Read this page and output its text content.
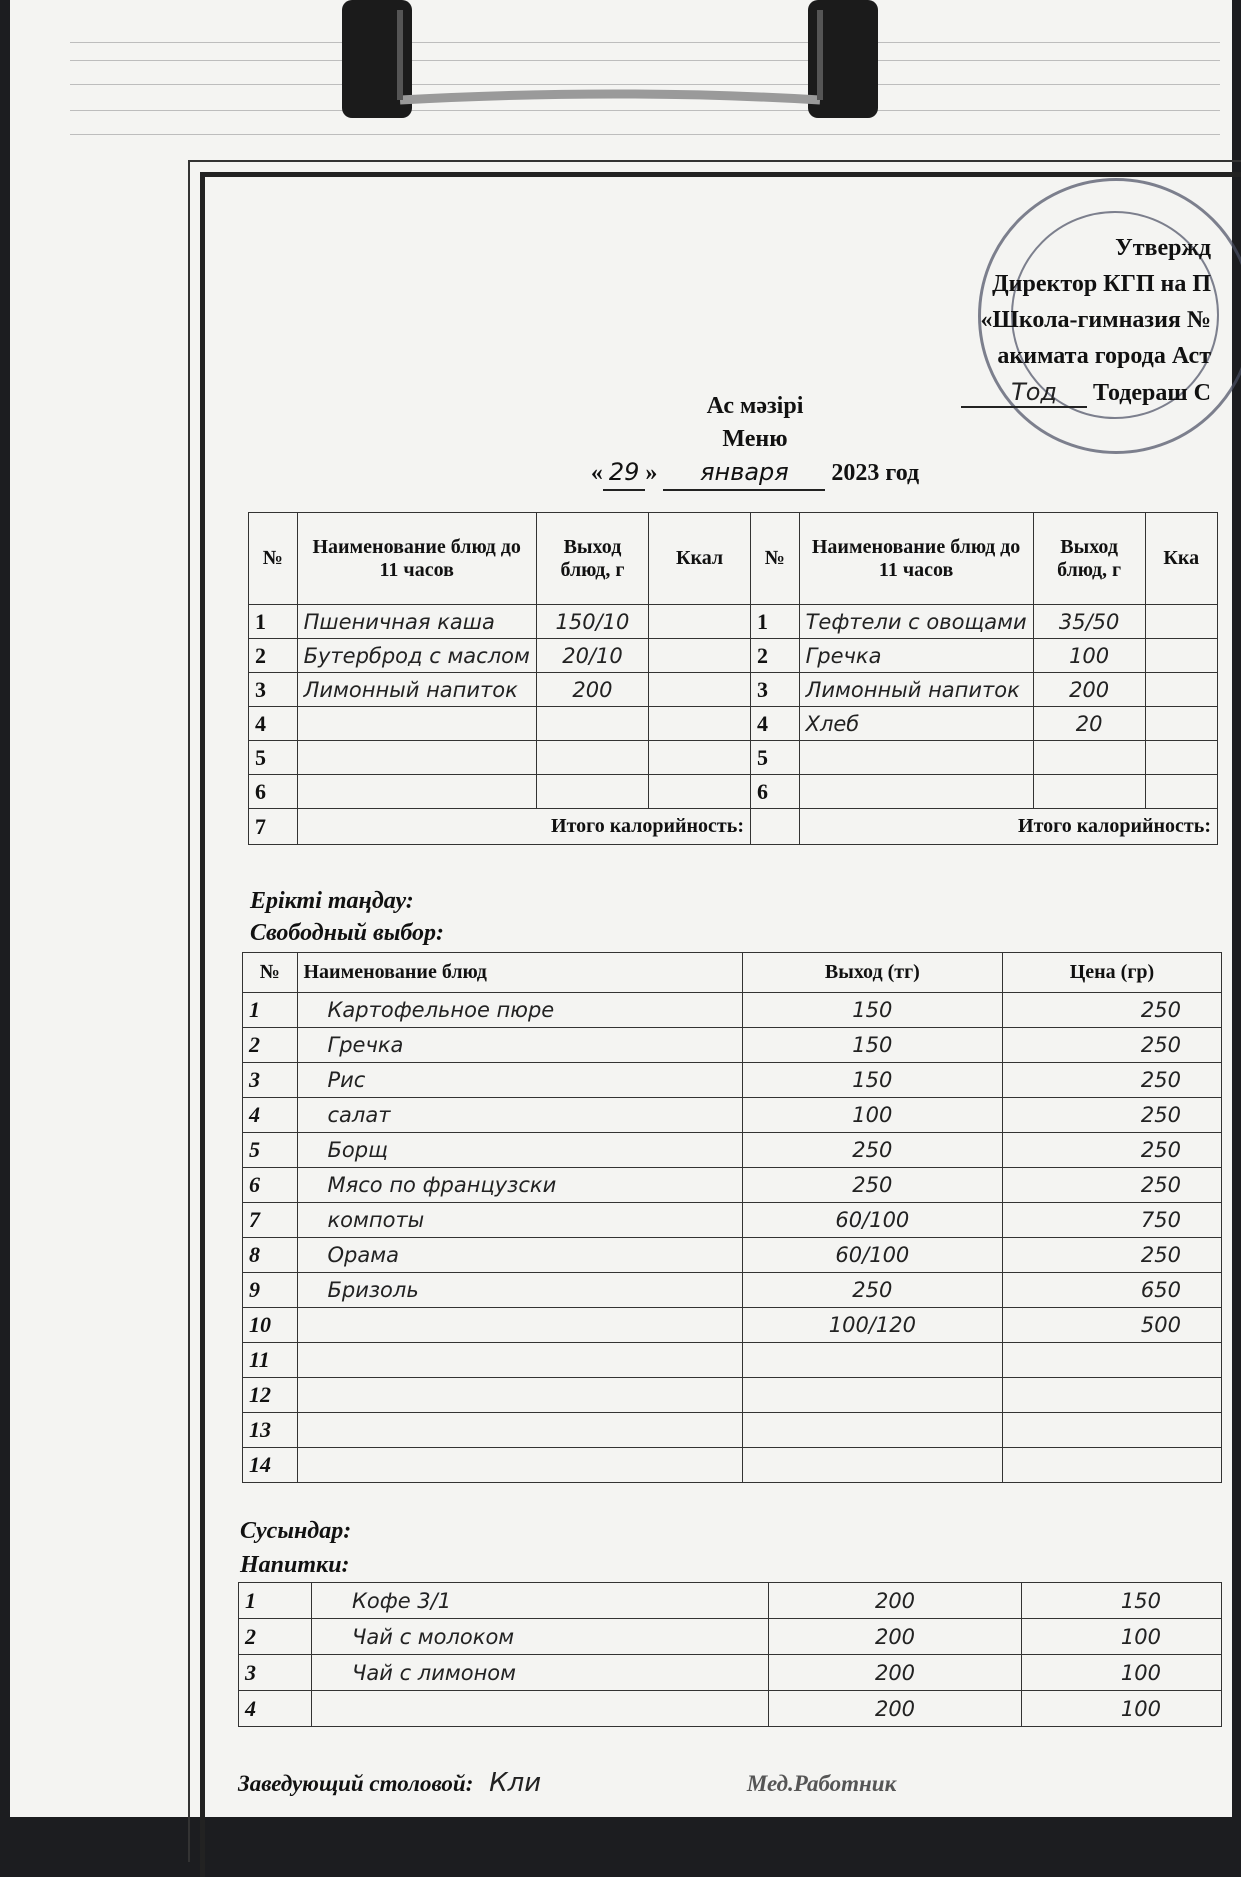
Утвержд
Директор КГП на П
«Школа-гимназия №
акимата города Аст
Тод Тодераш С
Ас мәзірі
Меню
« 29 » января 2023 год
№	Наименование блюд до 11 часов	Выход блюд, г	Ккал	№	Наименование блюд до 11 часов	Выход блюд, г	Кка
1	Пшеничная каша	150/10		1	Тефтели с овощами	35/50	
2	Бутерброд с маслом	20/10		2	Гречка	100	
3	Лимонный напиток	200		3	Лимонный напиток	200	
4				4	Хлеб	20	
5				5			
6				6			
7	Итого калорийность:				Итого калорийность:		
Ерікті таңдау:
Свободный выбор:
№	Наименование блюд	Выход (тг)	Цена (гр)
1	Картофельное пюре	150	250
2	Гречка	150	250
3	Рис	150	250
4	салат	100	250
5	Борщ	250	250
6	Мясо по французски	250	250
7	компоты	60/100	750
8	Орама	60/100	250
9	Бризоль	250	650
10		100/120	500
11			
12			
13			
14			
Сусындар:
Напитки:
1	Кофе 3/1	200	150
2	Чай с молоком	200	100
3	Чай с лимоном	200	100
4		200	100
Заведующий столовой: Кли	Мед.Работник
